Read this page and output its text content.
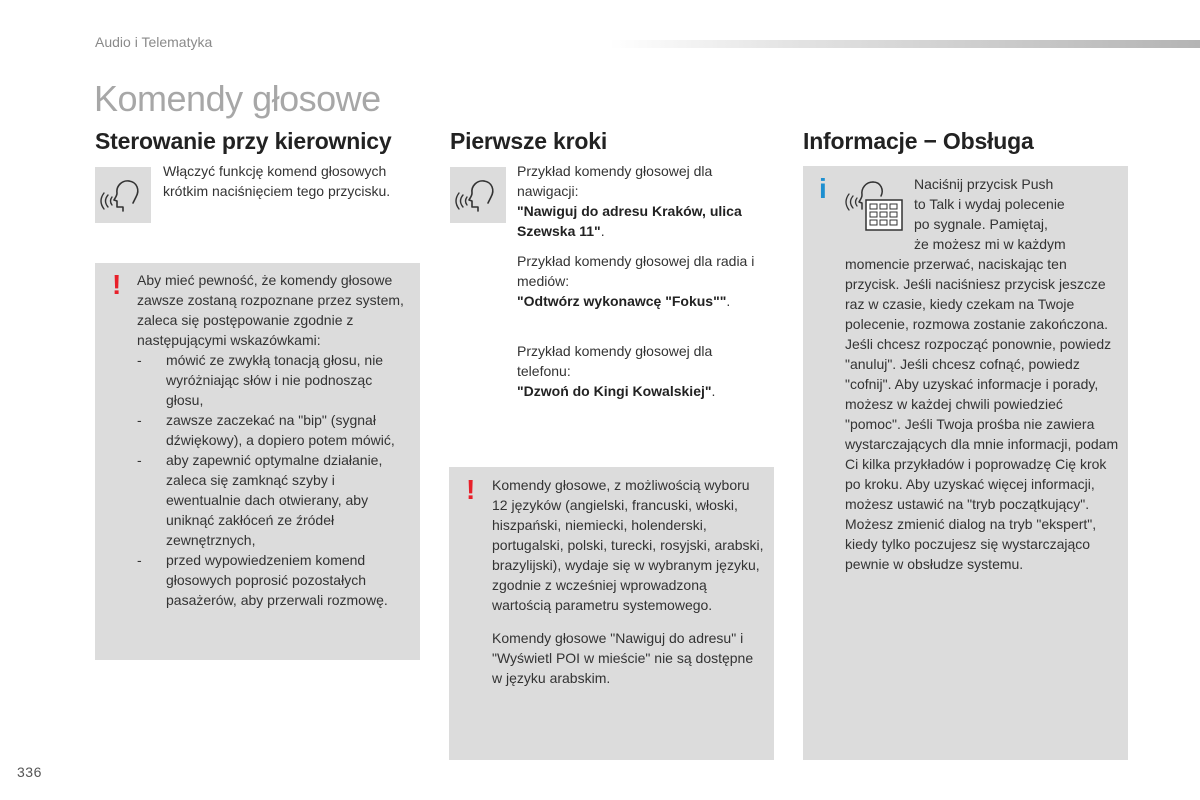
Audio i Telematyka
Komendy głosowe
Sterowanie przy kierownicy
Włączyć funkcję komend głosowych krótkim naciśnięciem tego przycisku.
! Aby mieć pewność, że komendy głosowe zawsze zostaną rozpoznane przez system, zaleca się postępowanie zgodnie z następującymi wskazówkami:

- mówić ze zwykłą tonacją głosu, nie wyróżniając słów i nie podnosząc głosu,
- zawsze zaczekać na "bip" (sygnał dźwiękowy), a dopiero potem mówić,
- aby zapewnić optymalne działanie, zaleca się zamknąć szyby i ewentualnie dach otwierany, aby uniknąć zakłóceń ze źródeł zewnętrznych,
- przed wypowiedzeniem komend głosowych poprosić pozostałych pasażerów, aby przerwali rozmowę.
Pierwsze kroki
Przykład komendy głosowej dla nawigacji:
"Nawiguj do adresu Kraków, ulica Szewska 11".
Przykład komendy głosowej dla radia i mediów:
"Odtwórz wykonawcę "Fokus"".
Przykład komendy głosowej dla telefonu:
"Dzwoń do Kingi Kowalskiej".
! Komendy głosowe, z możliwością wyboru 12 języków (angielski, francuski, włoski, hiszpański, niemiecki, holenderski, portugalski, polski, turecki, rosyjski, arabski, brazylijski), wydaje się w wybranym języku, zgodnie z wcześniej wprowadzoną wartością parametru systemowego.

Komendy głosowe "Nawiguj do adresu" i "Wyświetl POI w mieście" nie są dostępne w języku arabskim.

Informacje − Obsługa
i	Naciśnij przycisk Push
to Talk i wydaj polecenie
po sygnale. Pamiętaj,
że możesz mi w każdym
momencie przerwać, naciskając ten przycisk. Jeśli naciśniesz przycisk jeszcze raz w czasie, kiedy czekam na Twoje polecenie, rozmowa zostanie zakończona. Jeśli chcesz rozpocząć ponownie, powiedz "anuluj". Jeśli chcesz cofnąć, powiedz "cofnij". Aby uzyskać informacje i porady, możesz w każdej chwili powiedzieć "pomoc". Jeśli Twoja prośba nie zawiera wystarczających dla mnie informacji, podam Ci kilka przykładów i poprowadzę Cię krok po kroku. Aby uzyskać więcej informacji, możesz ustawić na "tryb początkujący". Możesz zmienić dialog na tryb "ekspert", kiedy tylko poczujesz się wystarczająco pewnie w obsłudze systemu.
336
